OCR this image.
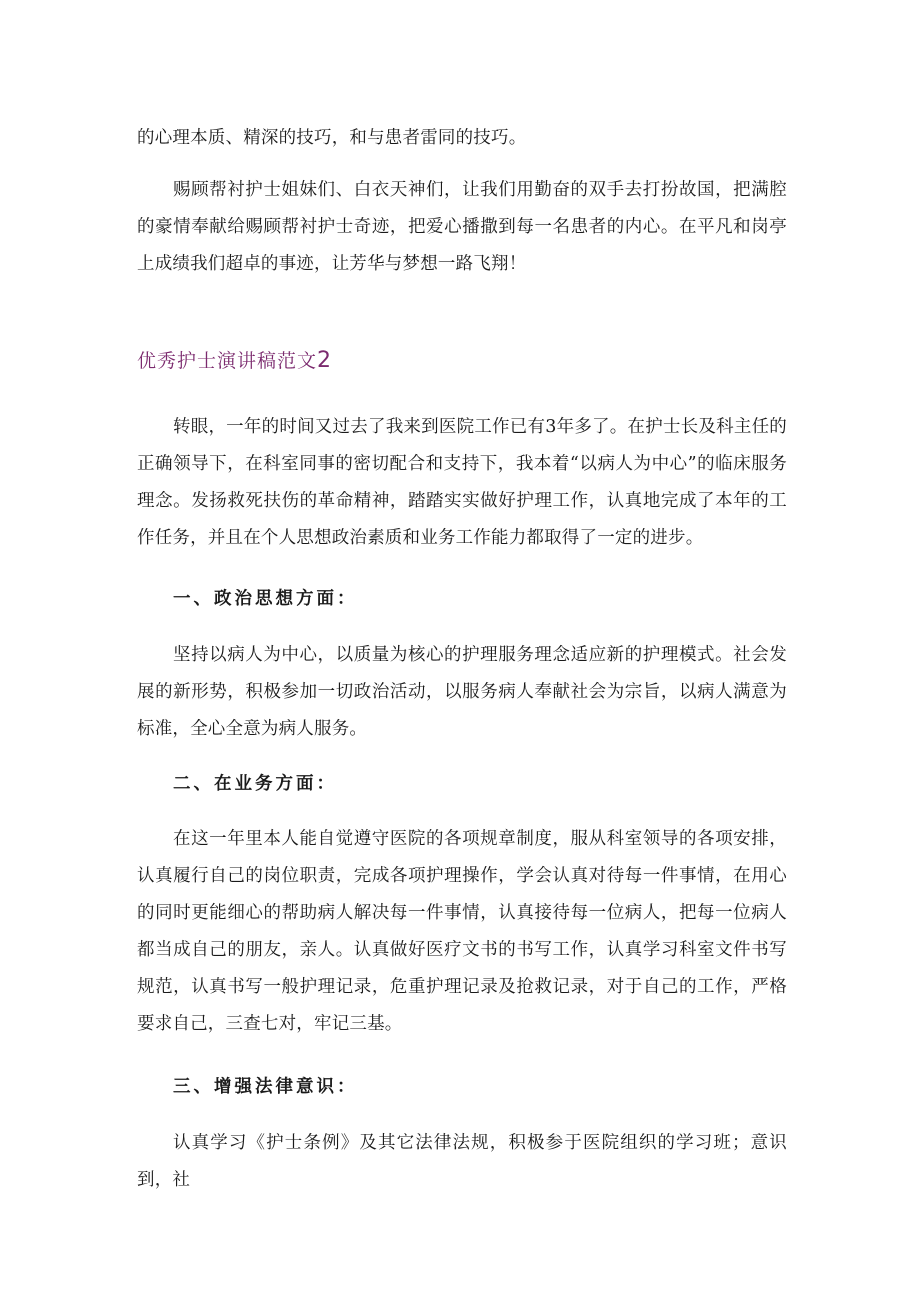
的心理本质、精深的技巧，和与患者雷同的技巧。

赐顾帮衬护士姐妹们、白衣天神们，让我们用勤奋的双手去打扮故国，把满腔的豪情奉献给赐顾帮衬护士奇迹，把爱心播撒到每一名患者的内心。在平凡和岗亭上成绩我们超卓的事迹，让芳华与梦想一路飞翔！

优秀护士演讲稿范文2

转眼，一年的时间又过去了我来到医院工作已有3年多了。在护士长及科主任的正确领导下，在科室同事的密切配合和支持下，我本着“以病人为中心”的临床服务理念。发扬救死扶伤的革命精神，踏踏实实做好护理工作，认真地完成了本年的工作任务，并且在个人思想政治素质和业务工作能力都取得了一定的进步。

一、政治思想方面：

坚持以病人为中心，以质量为核心的护理服务理念适应新的护理模式。社会发展的新形势，积极参加一切政治活动，以服务病人奉献社会为宗旨，以病人满意为标准，全心全意为病人服务。

二、在业务方面：

在这一年里本人能自觉遵守医院的各项规章制度，服从科室领导的各项安排，认真履行自己的岗位职责，完成各项护理操作，学会认真对待每一件事情，在用心的同时更能细心的帮助病人解决每一件事情，认真接待每一位病人，把每一位病人都当成自己的朋友，亲人。认真做好医疗文书的书写工作，认真学习科室文件书写规范，认真书写一般护理记录，危重护理记录及抢救记录，对于自己的工作，严格要求自己，三查七对，牢记三基。

三、增强法律意识：

认真学习《护士条例》及其它法律法规，积极参于医院组织的学习班；意识到，社
